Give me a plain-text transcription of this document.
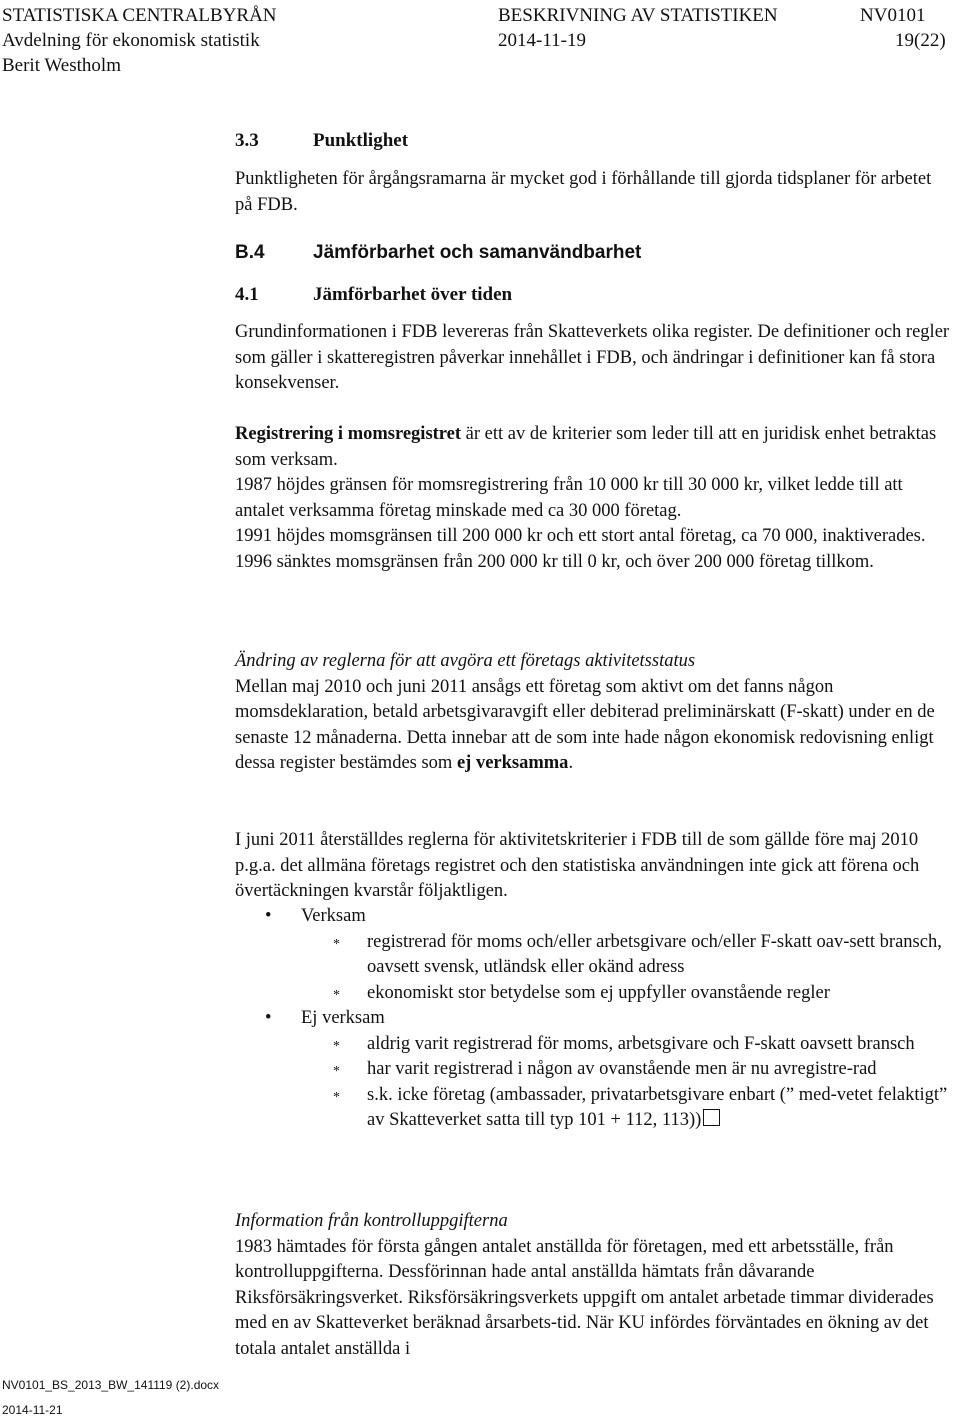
STATISTISKA CENTRALBYRÅN	BESKRIVNING AV STATISTIKEN	NV0101
Avdelning för ekonomisk statistik	2014-11-19	19(22)
Berit Westholm
3.3	Punktlighet

Punktligheten för årgångsramarna är mycket god i förhållande till gjorda tidsplaner för arbetet på FDB.

B.4	Jämförbarhet och samanvändbarhet
4.1	Jämförbarhet över tiden

Grundinformationen i FDB levereras från Skatteverkets olika register. De definitioner och regler som gäller i skatteregistren påverkar innehållet i FDB, och ändringar i definitioner kan få stora konsekvenser.

Registrering i momsregistret är ett av de kriterier som leder till att en juridisk enhet betraktas som verksam.

1987 höjdes gränsen för momsregistrering från 10 000 kr till 30 000 kr, vilket ledde till att antalet verksamma företag minskade med ca 30 000 företag.

1991 höjdes momsgränsen till 200 000 kr och ett stort antal företag, ca 70 000, inaktiverades.

1996 sänktes momsgränsen från 200 000 kr till 0 kr, och över 200 000 företag tillkom.

Ändring av reglerna för att avgöra ett företags aktivitetsstatus

Mellan maj 2010 och juni 2011 ansågs ett företag som aktivt om det fanns någon momsdeklaration, betald arbetsgivaravgift eller debiterad preliminärskatt (F-skatt) under en de senaste 12 månaderna. Detta innebar att de som inte hade någon ekonomisk redovisning enligt dessa register bestämdes som ej verksamma.

I juni 2011 återställdes reglerna för aktivitetskriterier i FDB till de som gällde före maj 2010 p.g.a. det allmäna företags registret och den statistiska användningen inte gick att förena och övertäckningen kvarstår följaktligen.

• Verksam
* registrerad för moms och/eller arbetsgivare och/eller F-skatt oav-sett bransch, oavsett svensk, utländsk eller okänd adress
* ekonomiskt stor betydelse som ej uppfyller ovanstående regler
• Ej verksam
* aldrig varit registrerad för moms, arbetsgivare och F-skatt oavsett bransch
* har varit registrerad i någon av ovanstående men är nu avregistre-rad
* s.k. icke företag (ambassader, privatarbetsgivare enbart (” med-vetet felaktigt” av Skatteverket satta till typ 101 + 112, 113))

Information från kontrolluppgifterna

1983 hämtades för första gången antalet anställda för företagen, med ett arbetsställe, från kontrolluppgifterna. Dessförinnan hade antal anställda hämtats från dåvarande Riksförsäkringsverket. Riksförsäkringsverkets uppgift om antalet arbetade timmar dividerades med en av Skatteverket beräknad årsarbets-tid. När KU infördes förväntades en ökning av det totala antalet anställda i

NV0101_BS_2013_BW_141119 (2).docx
2014-11-21
